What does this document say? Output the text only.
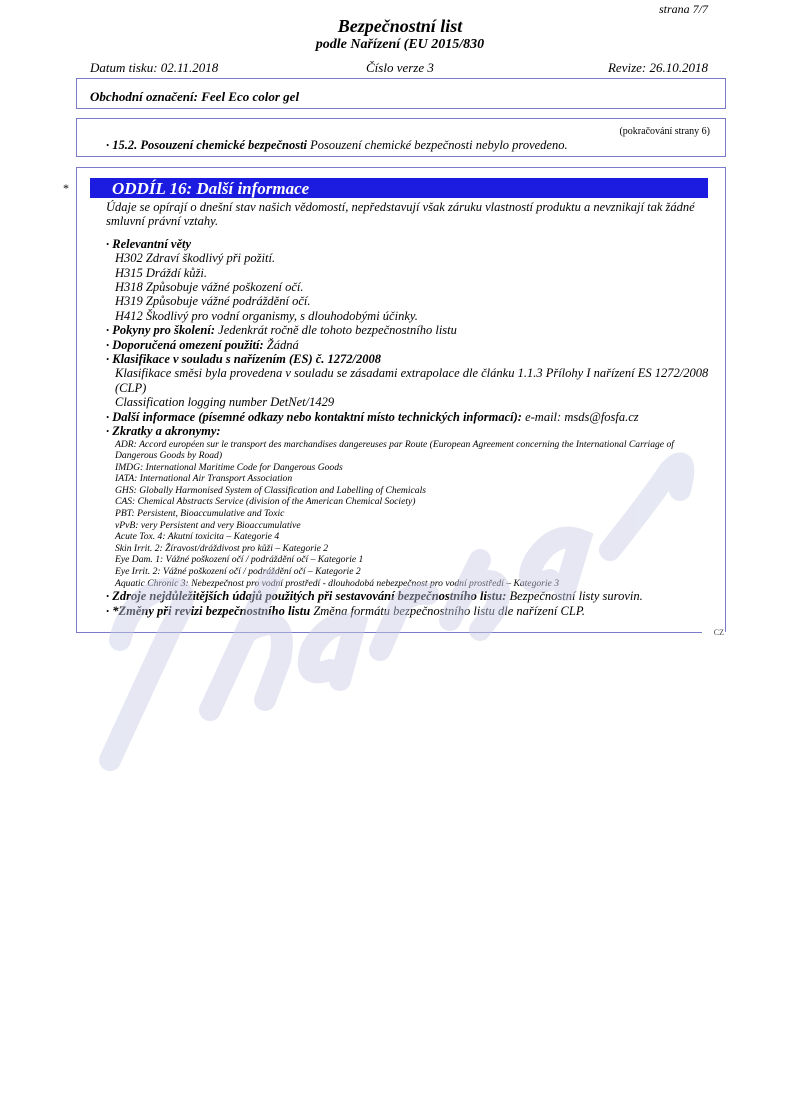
strana 7/7
Bezpečnostní list
podle Nařízení (EU 2015/830
Datum tisku: 02.11.2018	Číslo verze 3	Revize: 26.10.2018
Obchodní označení: Feel Eco color gel
(pokračování strany 6)
· 15.2. Posouzení chemické bezpečnosti Posouzení chemické bezpečnosti nebylo provedeno.
*	ODDÍL 16: Další informace

Údaje se opírají o dnešní stav našich vědomostí, nepředstavují však záruku vlastností produktu a nevznikají tak žádné smluvní právní vztahy.

· Relevantní věty

H302 Zdraví škodlivý při požití.

H315 Dráždí kůži.

H318 Způsobuje vážné poškození očí.

H319 Způsobuje vážné podráždění očí.

H412 Škodlivý pro vodní organismy, s dlouhodobými účinky.

· Pokyny pro školení: Jedenkrát ročně dle tohoto bezpečnostního listu

· Doporučená omezení použití: Žádná

· Klasifikace v souladu s nařízením (ES) č. 1272/2008

Klasifikace směsi byla provedena v souladu se zásadami extrapolace dle článku 1.1.3 Přílohy I nařízení ES 1272/2008 (CLP)

Classification logging number DetNet/1429

· Další informace (písemné odkazy nebo kontaktní místo technických informací): e-mail: msds@fosfa.cz

· Zkratky a akronymy:

ADR: Accord européen sur le transport des marchandises dangereuses par Route (European Agreement concerning the International Carriage of Dangerous Goods by Road)

IMDG: International Maritime Code for Dangerous Goods

IATA: International Air Transport Association

GHS: Globally Harmonised System of Classification and Labelling of Chemicals

CAS: Chemical Abstracts Service (division of the American Chemical Society)

PBT: Persistent, Bioaccumulative and Toxic

vPvB: very Persistent and very Bioaccumulative

Acute Tox. 4: Akutní toxicita – Kategorie 4

Skin Irrit. 2: Žíravost/dráždivost pro kůži – Kategorie 2

Eye Dam. 1: Vážné poškození očí / podráždění očí – Kategorie 1

Eye Irrit. 2: Vážné poškození očí / podráždění očí – Kategorie 2

Aquatic Chronic 3: Nebezpečnost pro vodní prostředí - dlouhodobá nebezpečnost pro vodní prostředí – Kategorie 3

· Zdroje nejdůležitějších údajů použitých při sestavování bezpečnostního listu: Bezpečnostní listy surovin.

· *Změny při revizi bezpečnostního listu Změna formátu bezpečnostního listu dle nařízení CLP.

CZ
